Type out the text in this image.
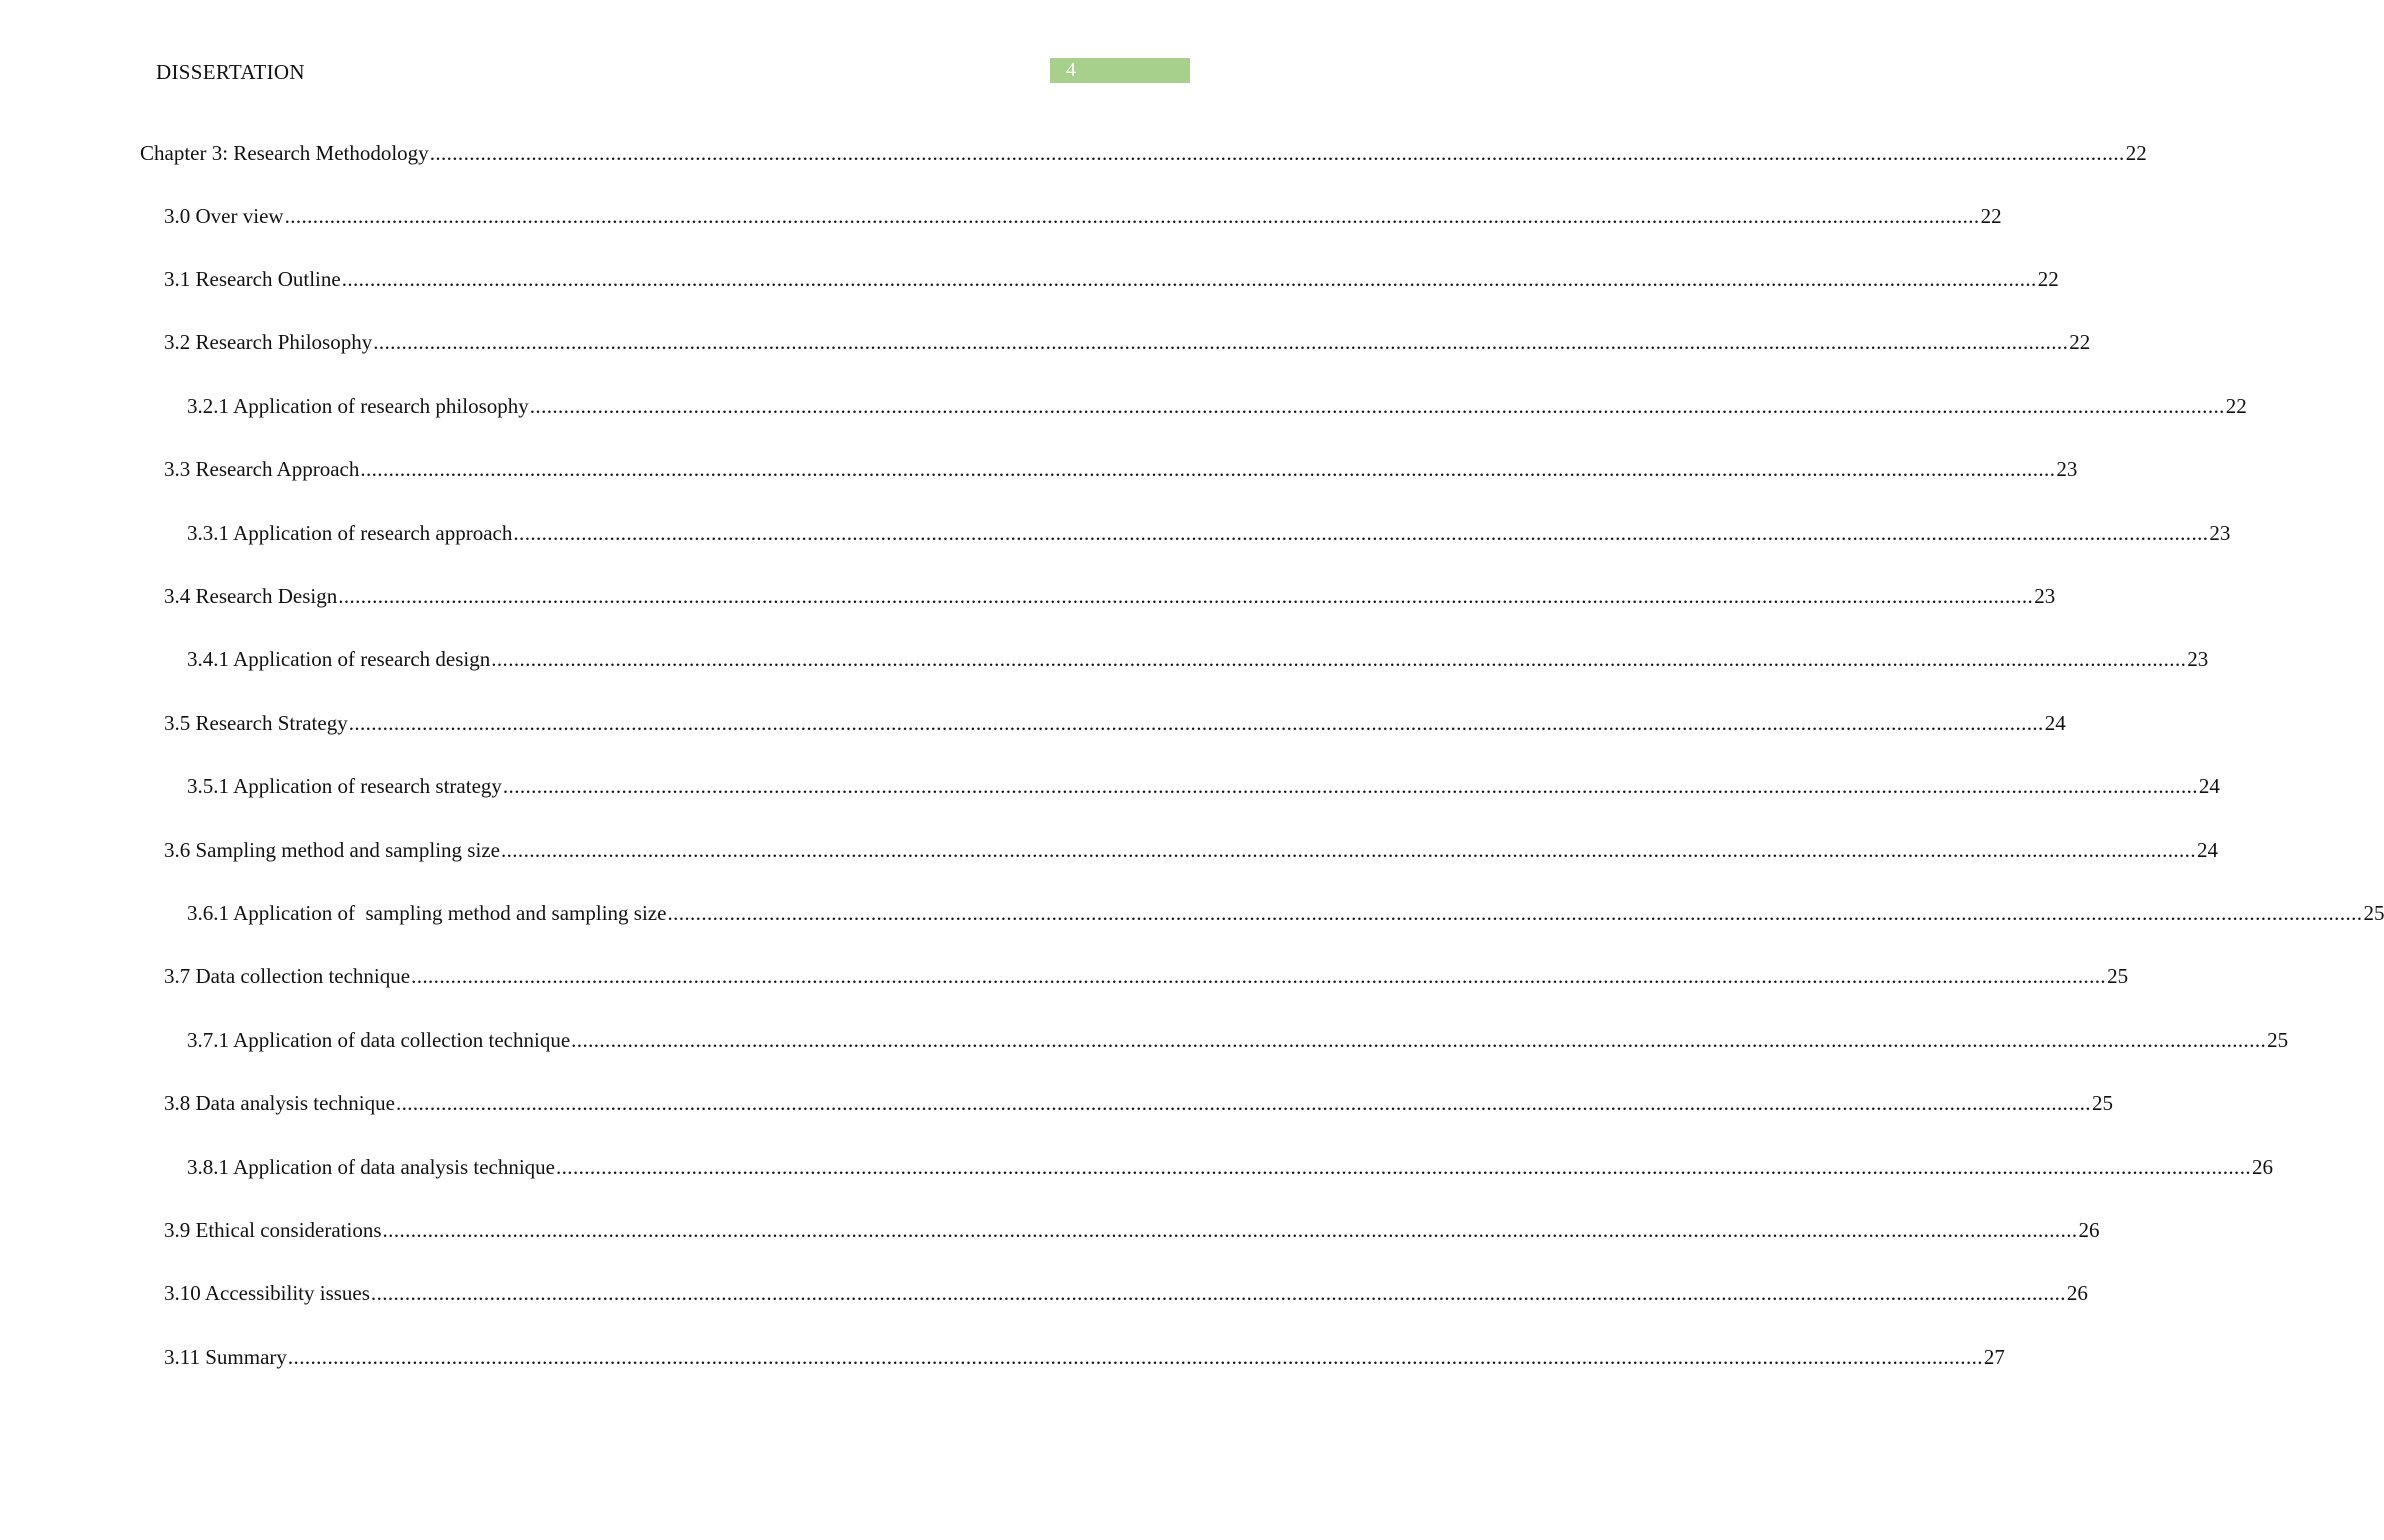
DISSERTATION	4
Chapter 3: Research Methodology ............................................................................................................................................................................................................................................................................................................ 22
3.0 Over view ............................................................................................................................................................................................................................................................................................................ 22
3.1 Research Outline ............................................................................................................................................................................................................................................................................................................ 22
3.2 Research Philosophy ............................................................................................................................................................................................................................................................................................................ 22
3.2.1 Application of research philosophy ............................................................................................................................................................................................................................................................................................................ 22
3.3 Research Approach ............................................................................................................................................................................................................................................................................................................ 23
3.3.1 Application of research approach ............................................................................................................................................................................................................................................................................................................ 23
3.4 Research Design ............................................................................................................................................................................................................................................................................................................ 23
3.4.1 Application of research design ............................................................................................................................................................................................................................................................................................................ 23
3.5 Research Strategy ............................................................................................................................................................................................................................................................................................................ 24
3.5.1 Application of research strategy ............................................................................................................................................................................................................................................................................................................ 24
3.6 Sampling method and sampling size ............................................................................................................................................................................................................................................................................................................ 24
3.6.1 Application of  sampling method and sampling size ............................................................................................................................................................................................................................................................................................................ 25
3.7 Data collection technique ............................................................................................................................................................................................................................................................................................................ 25
3.7.1 Application of data collection technique ............................................................................................................................................................................................................................................................................................................ 25
3.8 Data analysis technique ............................................................................................................................................................................................................................................................................................................ 25
3.8.1 Application of data analysis technique ............................................................................................................................................................................................................................................................................................................ 26
3.9 Ethical considerations ............................................................................................................................................................................................................................................................................................................ 26
3.10 Accessibility issues ............................................................................................................................................................................................................................................................................................................ 26
3.11 Summary ............................................................................................................................................................................................................................................................................................................ 27
